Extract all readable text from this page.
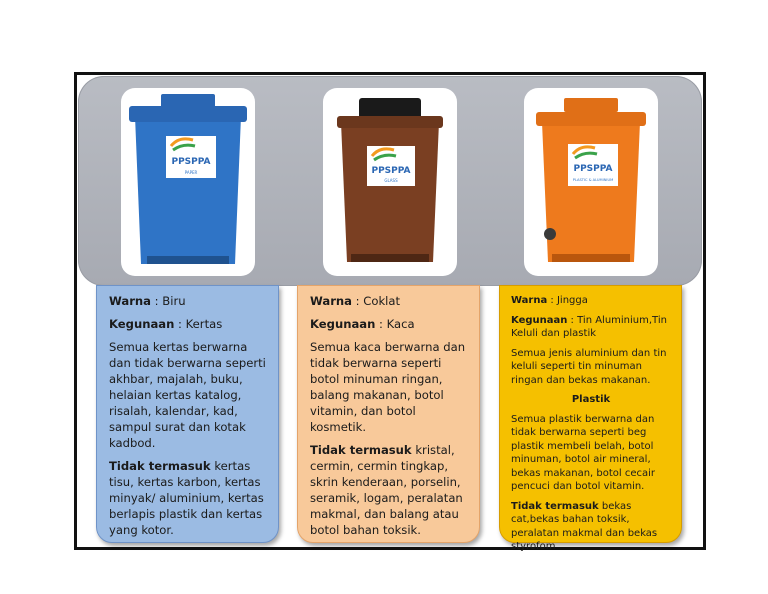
PPSPPA
PAPER	PPSPPA
GLASS
PPSPPA
PLASTIC & ALUMINIUM

Warna : Biru

Kegunaan : Kertas

Semua kertas berwarna dan tidak berwarna seperti akhbar, majalah, buku, helaian kertas katalog, risalah, kalendar, kad, sampul surat dan kotak kadbod.

Tidak termasuk kertas tisu, kertas karbon, kertas minyak/ aluminium, kertas berlapis plastik dan kertas yang kotor.

Warna : Coklat

Kegunaan : Kaca

Semua kaca berwarna dan tidak berwarna seperti botol minuman ringan, balang makanan, botol vitamin, dan botol kosmetik.

Tidak termasuk kristal, cermin, cermin tingkap, skrin kenderaan, porselin, seramik, logam, peralatan makmal, dan balang atau botol bahan toksik.

Warna : Jingga

Kegunaan : Tin Aluminium,Tin Keluli dan plastik

Semua jenis aluminium dan tin keluli seperti tin minuman ringan dan bekas makanan.

Plastik

Semua plastik berwarna dan tidak berwarna seperti beg plastik membeli belah, botol minuman, botol air mineral, bekas makanan, botol cecair pencuci dan botol vitamin.

Tidak termasuk bekas cat,bekas bahan toksik, peralatan makmal dan bekas styrofom
